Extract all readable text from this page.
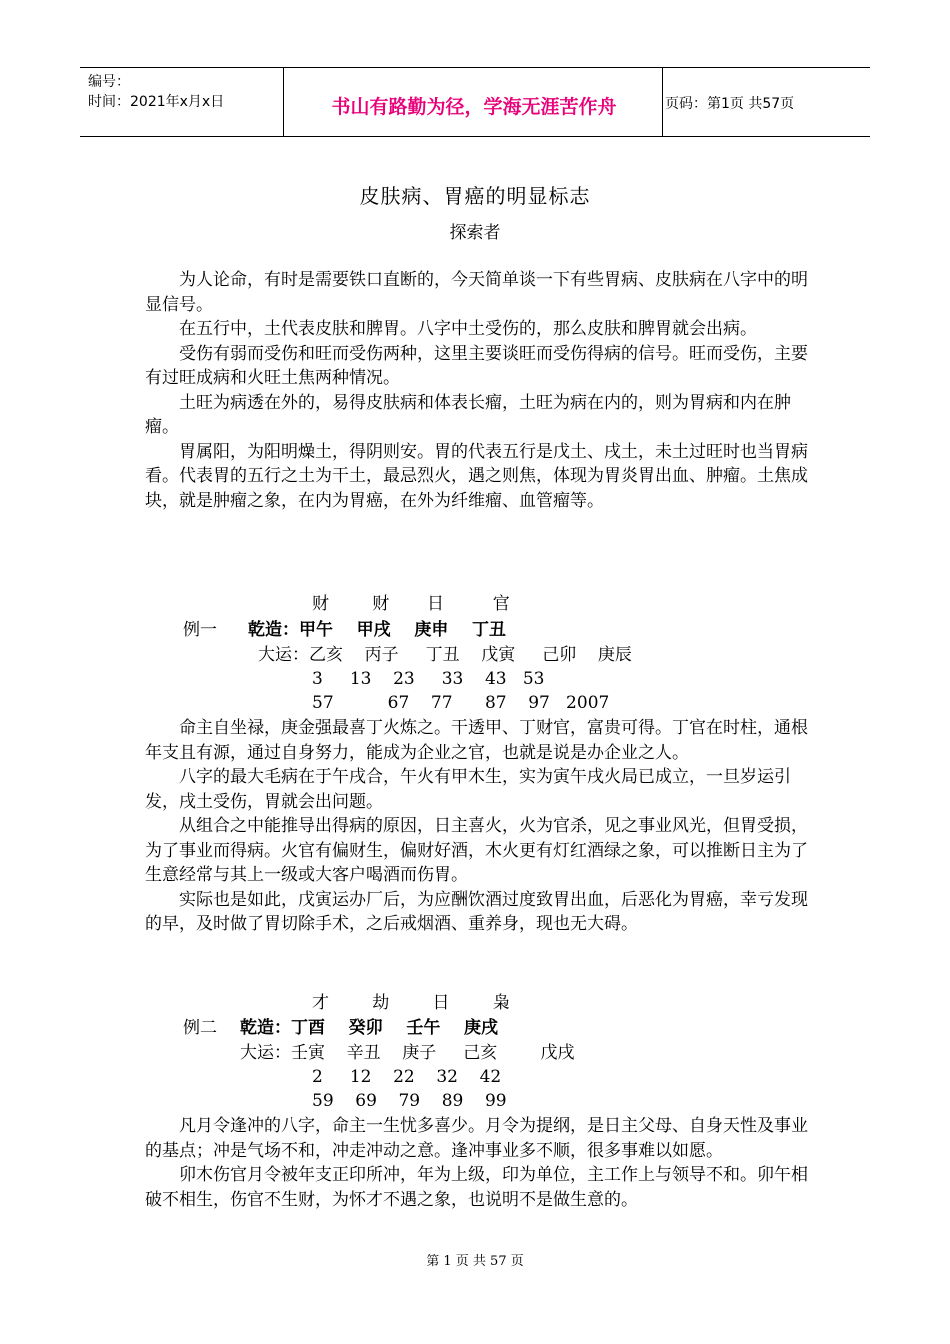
编号：
时间：2021年x月x日	书山有路勤为径，学海无涯苦作舟	页码：第1页 共57页
皮肤病、胃癌的明显标志
探索者

为人论命，有时是需要铁口直断的，今天简单谈一下有些胃病、皮肤病在八字中的明显信号。

在五行中，土代表皮肤和脾胃。八字中土受伤的，那么皮肤和脾胃就会出病。

受伤有弱而受伤和旺而受伤两种，这里主要谈旺而受伤得病的信号。旺而受伤，主要有过旺成病和火旺土焦两种情况。

土旺为病透在外的，易得皮肤病和体表长瘤，土旺为病在内的，则为胃病和内在肿瘤。

胃属阳，为阳明燥土，得阴则安。胃的代表五行是戊土、戌土，未土过旺时也当胃病看。代表胃的五行之土为干土，最忌烈火，遇之则焦，体现为胃炎胃出血、肿瘤。土焦成块，就是肿瘤之象，在内为胃癌，在外为纤维瘤、血管瘤等。

财        财       日         官
例一 乾造：甲午    甲戌    庚申    丁丑
大运：乙亥    丙子     丁丑    戊寅     己卯    庚辰
3     13    23     33    43   53
57          67    77      87    97   2007

命主自坐禄，庚金强最喜丁火炼之。干透甲、丁财官，富贵可得。丁官在时柱，通根年支且有源，通过自身努力，能成为企业之官，也就是说是办企业之人。

八字的最大毛病在于午戌合，午火有甲木生，实为寅午戌火局已成立，一旦岁运引发，戌土受伤，胃就会出问题。

从组合之中能推导出得病的原因，日主喜火，火为官杀，见之事业风光，但胃受损，为了事业而得病。火官有偏财生，偏财好酒，木火更有灯红酒绿之象，可以推断日主为了生意经常与其上一级或大客户喝酒而伤胃。

实际也是如此，戊寅运办厂后，为应酬饮酒过度致胃出血，后恶化为胃癌，幸亏发现的早，及时做了胃切除手术，之后戒烟酒、重养身，现也无大碍。

才        劫        日        枭
例二 乾造：丁酉    癸卯    壬午    庚戌
大运：壬寅    辛丑    庚子     己亥        戊戌
2     12    22    32    42
59    69    79    89    99

凡月令逢冲的八字，命主一生忧多喜少。月令为提纲，是日主父母、自身天性及事业的基点；冲是气场不和，冲走冲动之意。逢冲事业多不顺，很多事难以如愿。

卯木伤官月令被年支正印所冲，年为上级，印为单位，主工作上与领导不和。卯午相破不相生，伤官不生财，为怀才不遇之象，也说明不是做生意的。

第 1 页 共 57 页
